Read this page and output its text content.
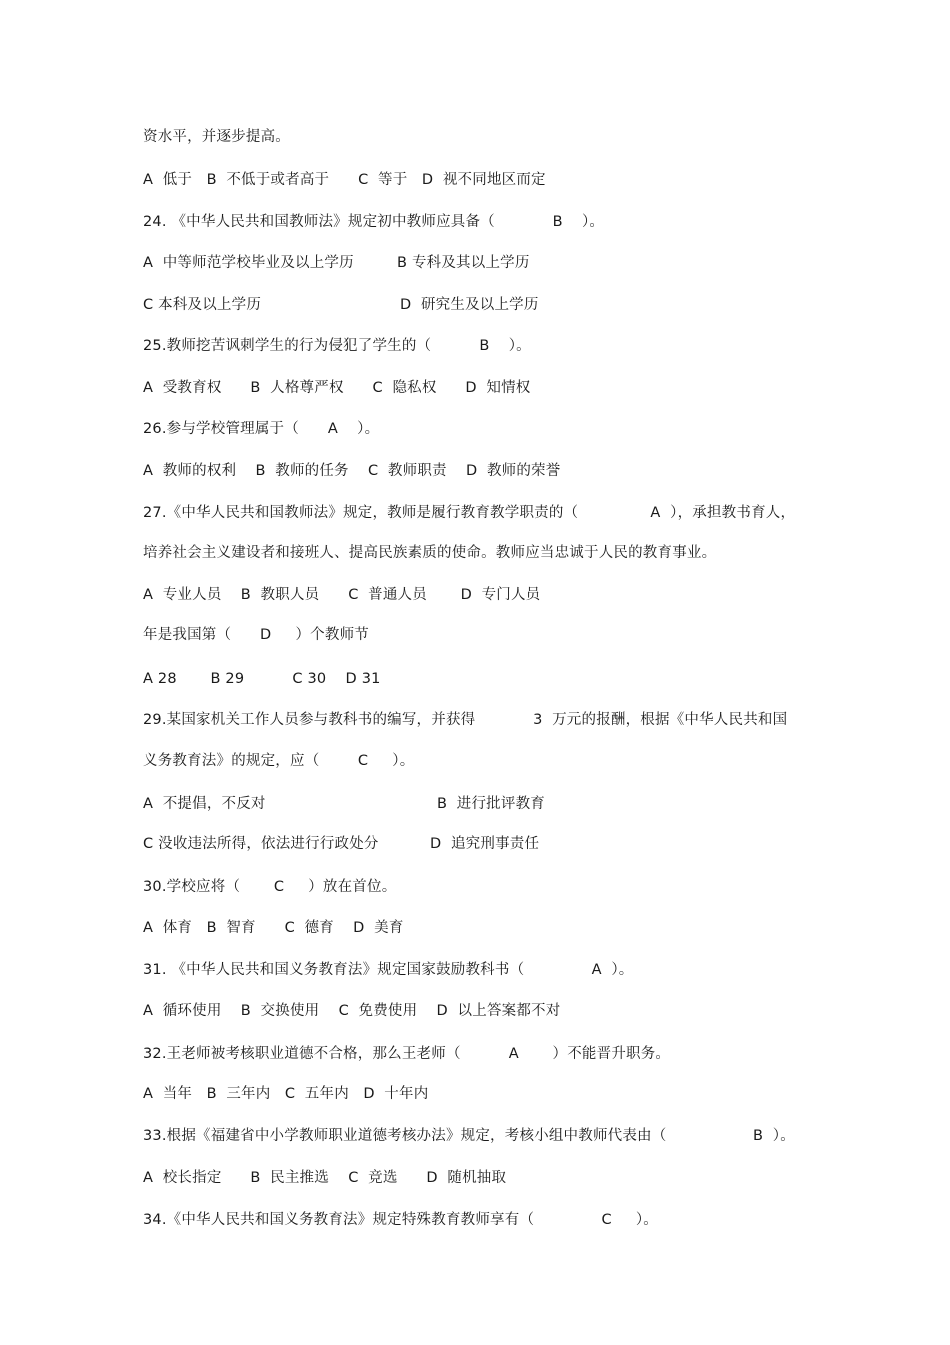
资水平，并逐步提高。
A  低于   B  不低于或者高于      C  等于   D  视不同地区而定
24. 《中华人民共和国教师法》规定初中教师应具备（            B    ）。

A  中等师范学校毕业及以上学历

	B 专科及其以上学历

C 本科及以上学历

	D  研究生及以上学历

25.教师挖苦讽刺学生的行为侵犯了学生的（          B    ）。
A  受教育权      B  人格尊严权      C  隐私权      D  知情权
26.参与学校管理属于（      A    ）。
A  教师的权利    B  教师的任务    C  教师职责    D  教师的荣誉
27.《中华人民共和国教师法》规定，教师是履行教育教学职责的（               A  ），承担教书育人，
培养社会主义建设者和接班人、提高民族素质的使命。教师应当忠诚于人民的教育事业。
A  专业人员    B  教职人员      C  普通人员       D  专门人员
年是我国第（      D     ）个教师节
A 28       B 29          C 30    D 31
29.某国家机关工作人员参与教科书的编写，并获得            3  万元的报酬，根据《中华人民共和国
义务教育法》的规定，应（        C     ）。

A  不提倡，不反对

	B  进行批评教育

C 没收违法所得，依法进行行政处分

	D  追究刑事责任

30.学校应将（       C     ）放在首位。
A  体育   B  智育      C  德育    D  美育
31. 《中华人民共和国义务教育法》规定国家鼓励教科书（              A  ）。
A  循环使用    B  交换使用    C  免费使用    D  以上答案都不对
32.王老师被考核职业道德不合格，那么王老师（          A       ）不能晋升职务。
A  当年   B  三年内   C  五年内   D  十年内
33.根据《福建省中小学教师职业道德考核办法》规定，考核小组中教师代表由（                  B  ）。
A  校长指定      B  民主推选    C  竞选      D  随机抽取
34.《中华人民共和国义务教育法》规定特殊教育教师享有（              C     ）。
